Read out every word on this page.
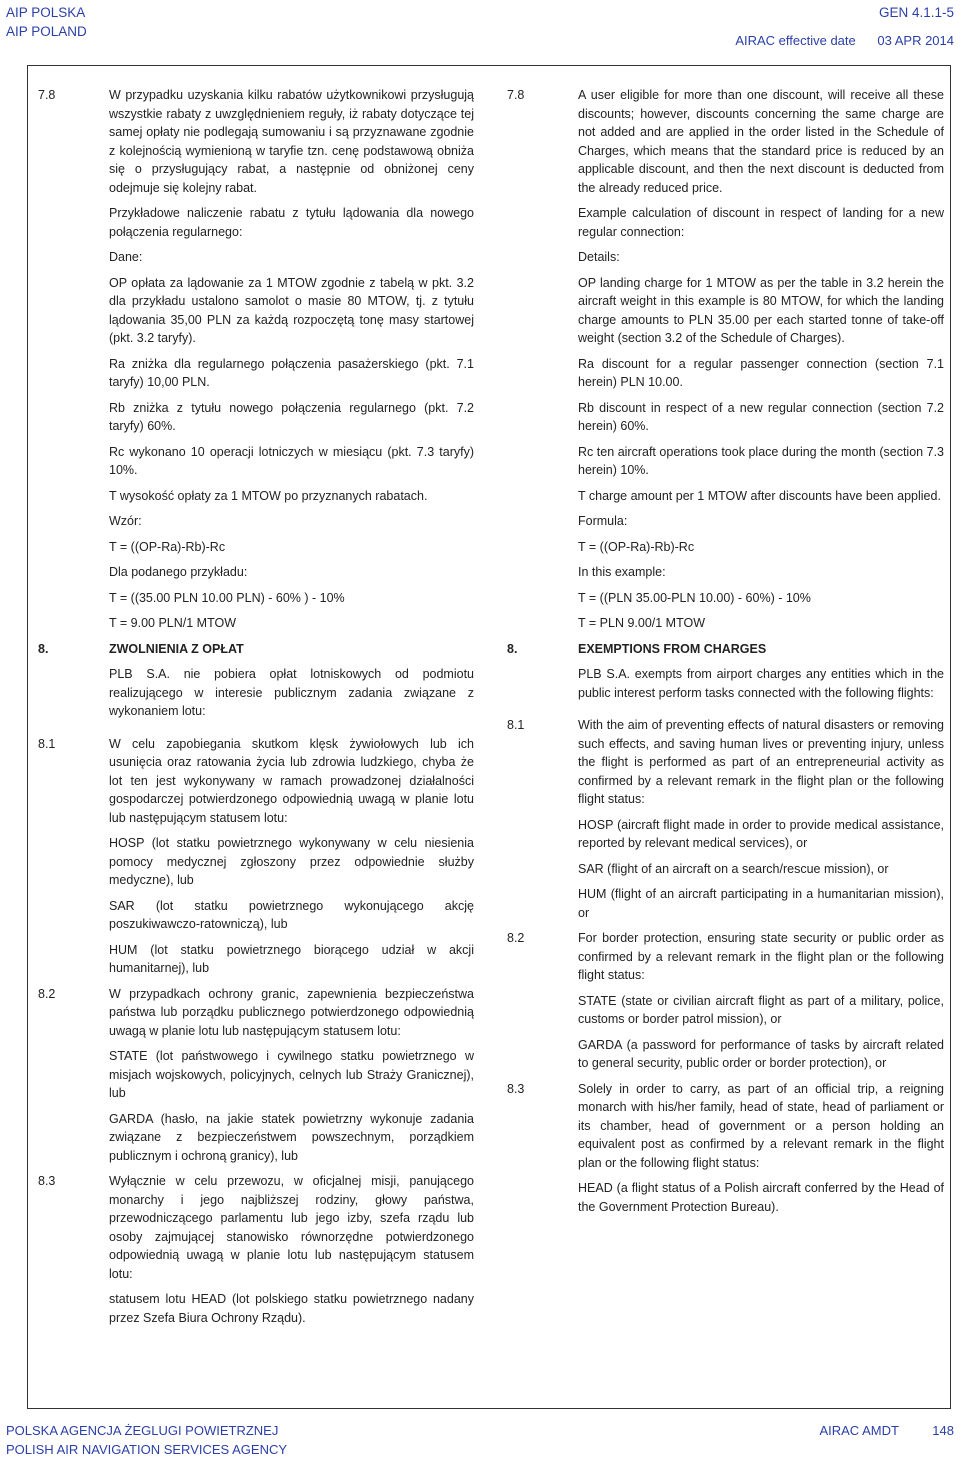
AIP POLSKA
AIP POLAND
GEN 4.1.1-5
AIRAC effective date 03 APR 2014
7.8	W przypadku uzyskania kilku rabatów użytkownikowi przysługują wszystkie rabaty z uwzględnieniem reguły, iż rabaty dotyczące tej samej opłaty nie podlegają sumowaniu i są przyznawane zgodnie z kolejnością wymienioną w taryfie tzn. cenę podstawową obniża się o przysługujący rabat, a następnie od obniżonej ceny odejmuje się kolejny rabat.

Przykładowe naliczenie rabatu z tytułu lądowania dla nowego połączenia regularnego:

Dane:

OP opłata za lądowanie za 1 MTOW zgodnie z tabelą w pkt. 3.2 dla przykładu ustalono samolot o masie 80 MTOW, tj. z tytułu lądowania 35,00 PLN za każdą rozpoczętą tonę masy startowej (pkt. 3.2 taryfy).

Ra zniżka dla regularnego połączenia pasażerskiego (pkt. 7.1 taryfy) 10,00 PLN.

Rb zniżka z tytułu nowego połączenia regularnego (pkt. 7.2 taryfy) 60%.

Rc wykonano 10 operacji lotniczych w miesiącu (pkt. 7.3 taryfy) 10%.

T wysokość opłaty za 1 MTOW po przyznanych rabatach.

Wzór:

T = ((OP-Ra)-Rb)-Rc

Dla podanego przykładu:

T = ((35.00 PLN 10.00 PLN) - 60% ) - 10%

T = 9.00 PLN/1 MTOW

8.	ZWOLNIENIA Z OPŁAT

PLB S.A. nie pobiera opłat lotniskowych od podmiotu realizującego w interesie publicznym zadania związane z wykonaniem lotu:

8.1	W celu zapobiegania skutkom klęsk żywiołowych lub ich usunięcia oraz ratowania życia lub zdrowia ludzkiego, chyba że lot ten jest wykonywany w ramach prowadzonej działalności gospodarczej potwierdzonego odpowiednią uwagą w planie lotu lub następującym statusem lotu:

HOSP (lot statku powietrznego wykonywany w celu niesienia pomocy medycznej zgłoszony przez odpowiednie służby medyczne), lub

SAR (lot statku powietrznego wykonującego akcję poszukiwawczo-ratowniczą), lub

HUM (lot statku powietrznego biorącego udział w akcji humanitarnej), lub

8.2	W przypadkach ochrony granic, zapewnienia bezpieczeństwa państwa lub porządku publicznego potwierdzonego odpowiednią uwagą w planie lotu lub następującym statusem lotu:

STATE (lot państwowego i cywilnego statku powietrznego w misjach wojskowych, policyjnych, celnych lub Straży Granicznej), lub

GARDA (hasło, na jakie statek powietrzny wykonuje zadania związane z bezpieczeństwem powszechnym, porządkiem publicznym i ochroną granicy), lub

8.3	Wyłącznie w celu przewozu, w oficjalnej misji, panującego monarchy i jego najbliższej rodziny, głowy państwa, przewodniczącego parlamentu lub jego izby, szefa rządu lub osoby zajmującej stanowisko równorzędne potwierdzonego odpowiednią uwagą w planie lotu lub następującym statusem lotu:

statusem lotu HEAD (lot polskiego statku powietrznego nadany przez Szefa Biura Ochrony Rządu).

7.8	A user eligible for more than one discount, will receive all these discounts; however, discounts concerning the same charge are not added and are applied in the order listed in the Schedule of Charges, which means that the standard price is reduced by an applicable discount, and then the next discount is deducted from the already reduced price.

Example calculation of discount in respect of landing for a new regular connection:

Details:

OP landing charge for 1 MTOW as per the table in 3.2 herein the aircraft weight in this example is 80 MTOW, for which the landing charge amounts to PLN 35.00 per each started tonne of take-off weight (section 3.2 of the Schedule of Charges).

Ra discount for a regular passenger connection (section 7.1 herein) PLN 10.00.

Rb discount in respect of a new regular connection (section 7.2 herein) 60%.

Rc ten aircraft operations took place during the month (section 7.3 herein) 10%.

T charge amount per 1 MTOW after discounts have been applied.

Formula:

T = ((OP-Ra)-Rb)-Rc

In this example:

T = ((PLN 35.00-PLN 10.00) - 60%) - 10%

T = PLN 9.00/1 MTOW

8.	EXEMPTIONS FROM CHARGES

PLB S.A. exempts from airport charges any entities which in the public interest perform tasks connected with the following flights:

8.1	With the aim of preventing effects of natural disasters or removing such effects, and saving human lives or preventing injury, unless the flight is performed as part of an entrepreneurial activity as confirmed by a relevant remark in the flight plan or the following flight status:

HOSP (aircraft flight made in order to provide medical assistance, reported by relevant medical services), or

SAR (flight of an aircraft on a search/rescue mission), or

HUM (flight of an aircraft participating in a humanitarian mission), or

8.2	For border protection, ensuring state security or public order as confirmed by a relevant remark in the flight plan or the following flight status:

STATE (state or civilian aircraft flight as part of a military, police, customs or border patrol mission), or

GARDA (a password for performance of tasks by aircraft related to general security, public order or border protection), or

8.3	Solely in order to carry, as part of an official trip, a reigning monarch with his/her family, head of state, head of parliament or its chamber, head of government or a person holding an equivalent post as confirmed by a relevant remark in the flight plan or the following flight status:

HEAD (a flight status of a Polish aircraft conferred by the Head of the Government Protection Bureau).

POLSKA AGENCJA ŻEGLUGI POWIETRZNEJ
POLISH AIR NAVIGATION SERVICES AGENCY
AIRAC AMDT	148
